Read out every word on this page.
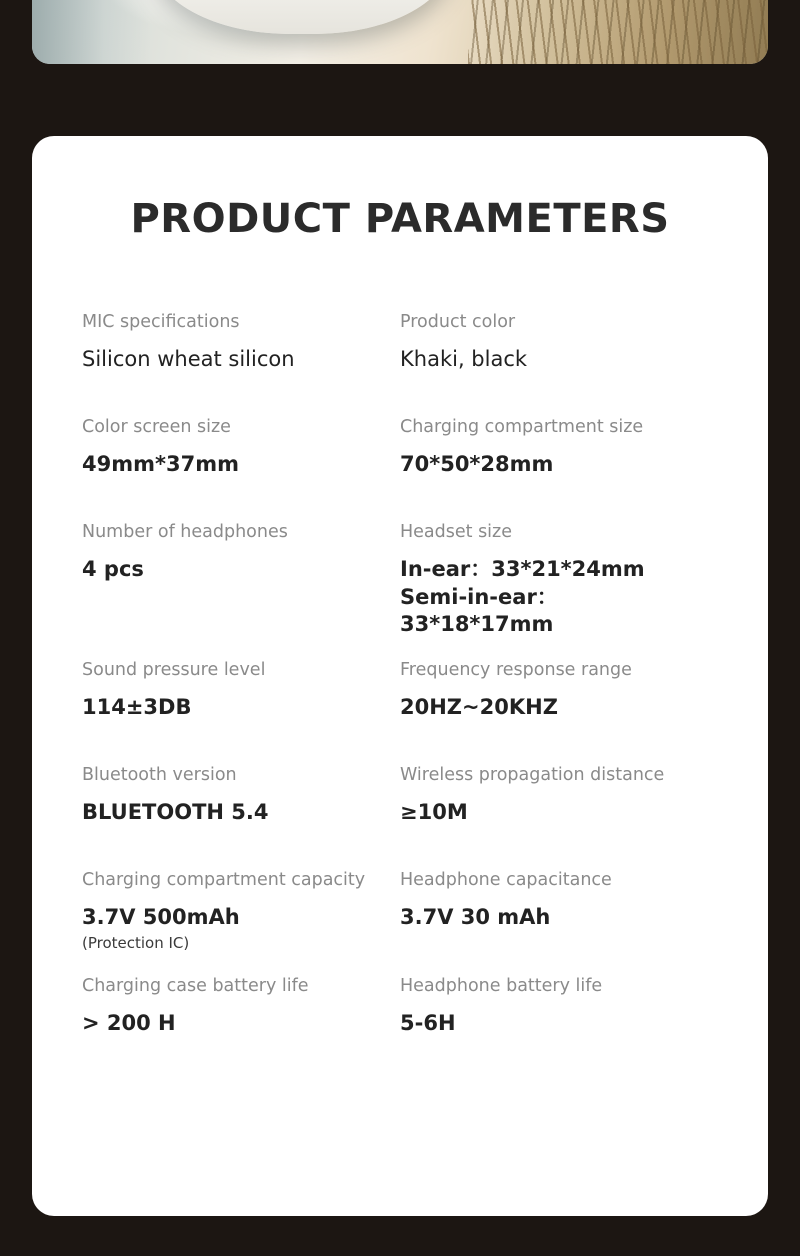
PRODUCT PARAMETERS

MIC specifications

Silicon wheat silicon

Product color

Khaki, black

Color screen size

49mm*37mm

Charging compartment size

70*50*28mm

Number of headphones

4 pcs

Headset size

In-ear：33*21*24mm

Semi-in-ear：33*18*17mm

Sound pressure level

114±3DB

Frequency response range

20HZ~20KHZ

Bluetooth version

BLUETOOTH 5.4

Wireless propagation distance

≥10M

Charging compartment capacity

3.7V 500mAh

(Protection IC)

Headphone capacitance

3.7V 30 mAh

Charging case battery life

> 200 H

Headphone battery life

5-6H
